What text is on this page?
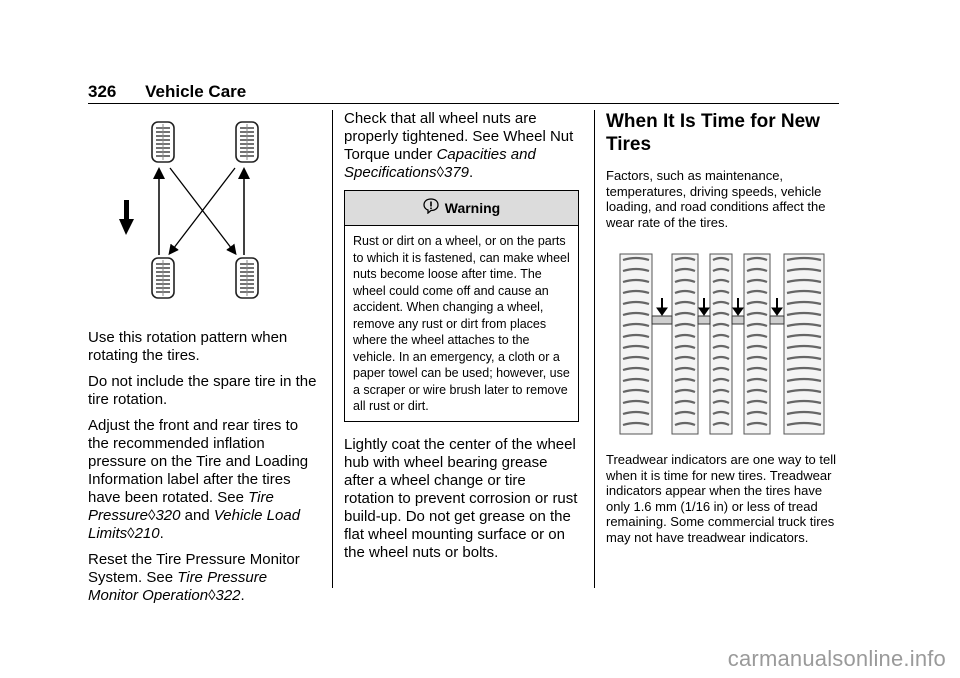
326 Vehicle Care

Use this rotation pattern when rotating the tires.

Do not include the spare tire in the tire rotation.

Adjust the front and rear tires to the recommended inflation pressure on the Tire and Loading Information label after the tires have been rotated. See Tire Pressure◊320 and Vehicle Load Limits◊210.

Reset the Tire Pressure Monitor System. See Tire Pressure Monitor Operation◊322.

Check that all wheel nuts are properly tightened. See Wheel Nut Torque under Capacities and Specifications◊379.

Warning
Rust or dirt on a wheel, or on the parts to which it is fastened, can make wheel nuts become loose after time. The wheel could come off and cause an accident. When changing a wheel, remove any rust or dirt from places where the wheel attaches to the vehicle. In an emergency, a cloth or a paper towel can be used; however, use a scraper or wire brush later to remove all rust or dirt.

Lightly coat the center of the wheel hub with wheel bearing grease after a wheel change or tire rotation to prevent corrosion or rust build-up. Do not get grease on the flat wheel mounting surface or on the wheel nuts or bolts.

When It Is Time for New Tires

Factors, such as maintenance, temperatures, driving speeds, vehicle loading, and road conditions affect the wear rate of the tires.

Treadwear indicators are one way to tell when it is time for new tires. Treadwear indicators appear when the tires have only 1.6 mm (1/16 in) or less of tread remaining. Some commercial truck tires may not have treadwear indicators.

carmanualsonline.info
